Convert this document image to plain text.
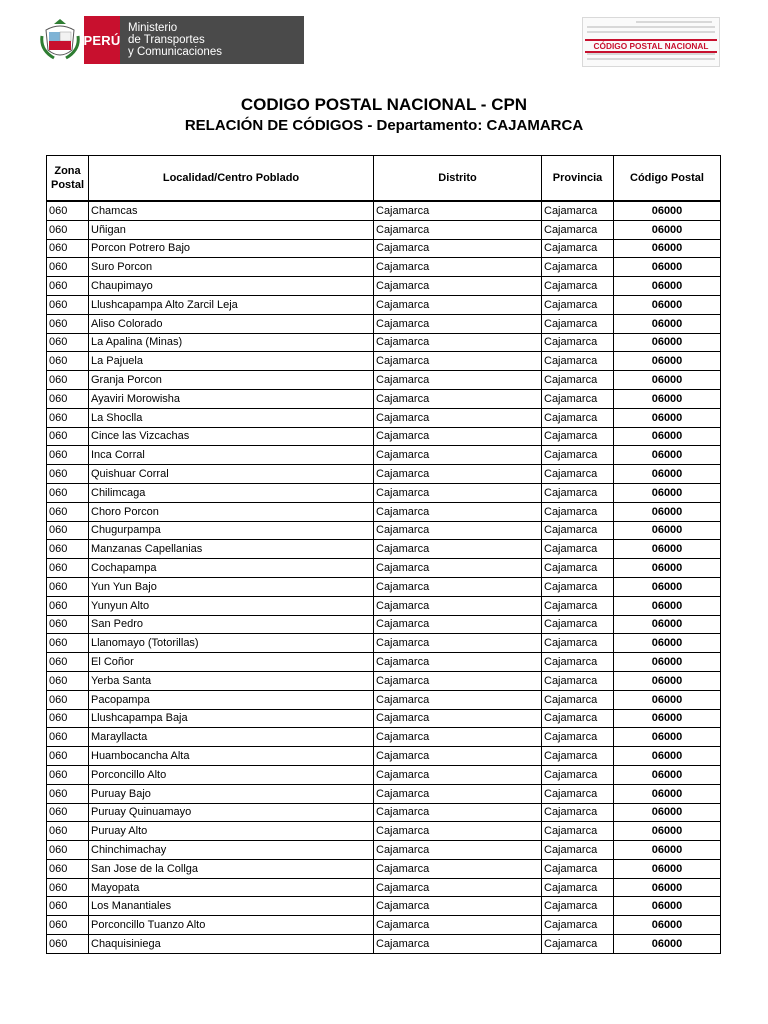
PERÚ
Ministerio
de Transportes
y Comunicaciones	CÓDIGO POSTAL NACIONAL
CODIGO POSTAL NACIONAL - CPN
RELACIÓN DE CÓDIGOS - Departamento: CAJAMARCA
Zona
Postal	Localidad/Centro Poblado	Distrito	Provincia	Código Postal
060	Chamcas	Cajamarca	Cajamarca	06000
060	Uñigan	Cajamarca	Cajamarca	06000
060	Porcon Potrero Bajo	Cajamarca	Cajamarca	06000
060	Suro Porcon	Cajamarca	Cajamarca	06000
060	Chaupimayo	Cajamarca	Cajamarca	06000
060	Llushcapampa Alto Zarcil Leja	Cajamarca	Cajamarca	06000
060	Aliso Colorado	Cajamarca	Cajamarca	06000
060	La Apalina (Minas)	Cajamarca	Cajamarca	06000
060	La Pajuela	Cajamarca	Cajamarca	06000
060	Granja Porcon	Cajamarca	Cajamarca	06000
060	Ayaviri Morowisha	Cajamarca	Cajamarca	06000
060	La Shoclla	Cajamarca	Cajamarca	06000
060	Cince las Vizcachas	Cajamarca	Cajamarca	06000
060	Inca Corral	Cajamarca	Cajamarca	06000
060	Quishuar Corral	Cajamarca	Cajamarca	06000
060	Chilimcaga	Cajamarca	Cajamarca	06000
060	Choro Porcon	Cajamarca	Cajamarca	06000
060	Chugurpampa	Cajamarca	Cajamarca	06000
060	Manzanas Capellanias	Cajamarca	Cajamarca	06000
060	Cochapampa	Cajamarca	Cajamarca	06000
060	Yun Yun Bajo	Cajamarca	Cajamarca	06000
060	Yunyun Alto	Cajamarca	Cajamarca	06000
060	San Pedro	Cajamarca	Cajamarca	06000
060	Llanomayo (Totorillas)	Cajamarca	Cajamarca	06000
060	El Coñor	Cajamarca	Cajamarca	06000
060	Yerba Santa	Cajamarca	Cajamarca	06000
060	Pacopampa	Cajamarca	Cajamarca	06000
060	Llushcapampa Baja	Cajamarca	Cajamarca	06000
060	Marayllacta	Cajamarca	Cajamarca	06000
060	Huambocancha Alta	Cajamarca	Cajamarca	06000
060	Porconcillo Alto	Cajamarca	Cajamarca	06000
060	Puruay Bajo	Cajamarca	Cajamarca	06000
060	Puruay Quinuamayo	Cajamarca	Cajamarca	06000
060	Puruay Alto	Cajamarca	Cajamarca	06000
060	Chinchimachay	Cajamarca	Cajamarca	06000
060	San Jose de la Collga	Cajamarca	Cajamarca	06000
060	Mayopata	Cajamarca	Cajamarca	06000
060	Los Manantiales	Cajamarca	Cajamarca	06000
060	Porconcillo Tuanzo Alto	Cajamarca	Cajamarca	06000
060	Chaquisiniega	Cajamarca	Cajamarca	06000
